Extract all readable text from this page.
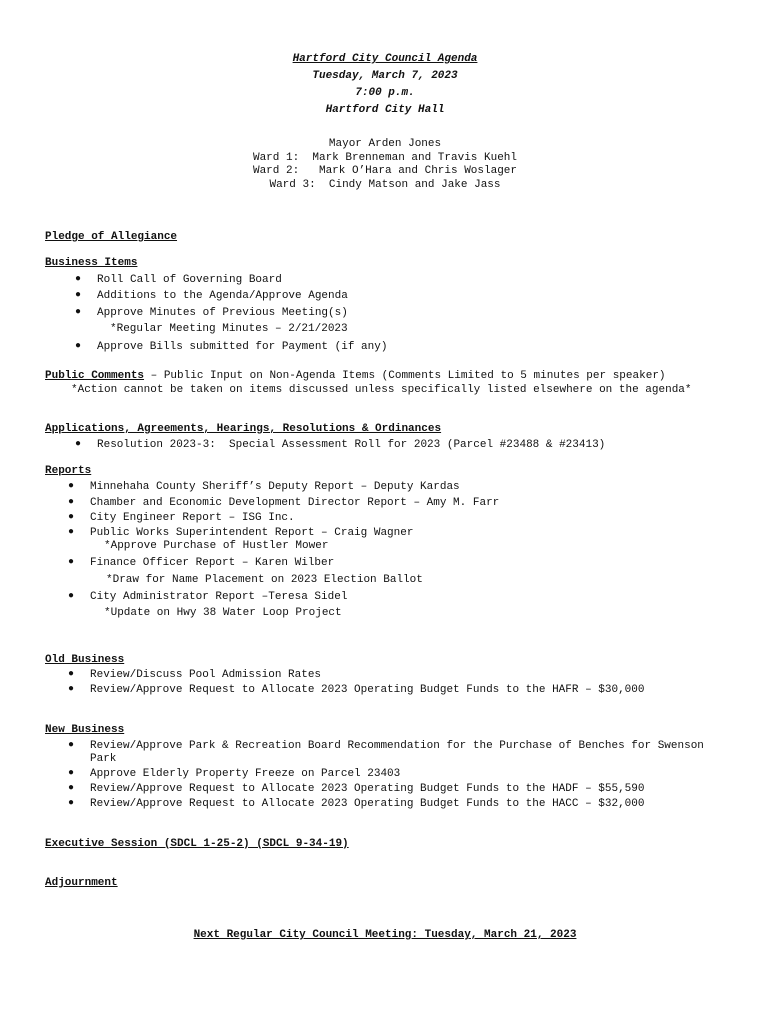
Hartford City Council Agenda
Tuesday, March 7, 2023
7:00 p.m.
Hartford City Hall
Mayor Arden Jones
Ward 1:  Mark Brenneman and Travis Kuehl
Ward 2:   Mark O’Hara and Chris Woslager
Ward 3:  Cindy Matson and Jake Jass
Pledge of Allegiance
Business Items
● Roll Call of Governing Board
● Additions to the Agenda/Approve Agenda
● Approve Minutes of Previous Meeting(s)
*Regular Meeting Minutes – 2/21/2023
● Approve Bills submitted for Payment (if any)
Public Comments – Public Input on Non-Agenda Items (Comments Limited to 5 minutes per speaker)
*Action cannot be taken on items discussed unless specifically listed elsewhere on the agenda*
Applications, Agreements, Hearings, Resolutions & Ordinances
● Resolution 2023-3:  Special Assessment Roll for 2023 (Parcel #23488 & #23413)
Reports
● Minnehaha County Sheriff’s Deputy Report – Deputy Kardas
● Chamber and Economic Development Director Report – Amy M. Farr
● City Engineer Report – ISG Inc.
● Public Works Superintendent Report – Craig Wagner
*Approve Purchase of Hustler Mower
● Finance Officer Report – Karen Wilber
*Draw for Name Placement on 2023 Election Ballot
● City Administrator Report –Teresa Sidel
*Update on Hwy 38 Water Loop Project
Old Business
● Review/Discuss Pool Admission Rates
● Review/Approve Request to Allocate 2023 Operating Budget Funds to the HAFR – $30,000
New Business
● Review/Approve Park & Recreation Board Recommendation for the Purchase of Benches for Swenson
Park
● Approve Elderly Property Freeze on Parcel 23403
● Review/Approve Request to Allocate 2023 Operating Budget Funds to the HADF – $55,590
● Review/Approve Request to Allocate 2023 Operating Budget Funds to the HACC – $32,000
Executive Session (SDCL 1-25-2) (SDCL 9-34-19)
Adjournment
Next Regular City Council Meeting: Tuesday, March 21, 2023
